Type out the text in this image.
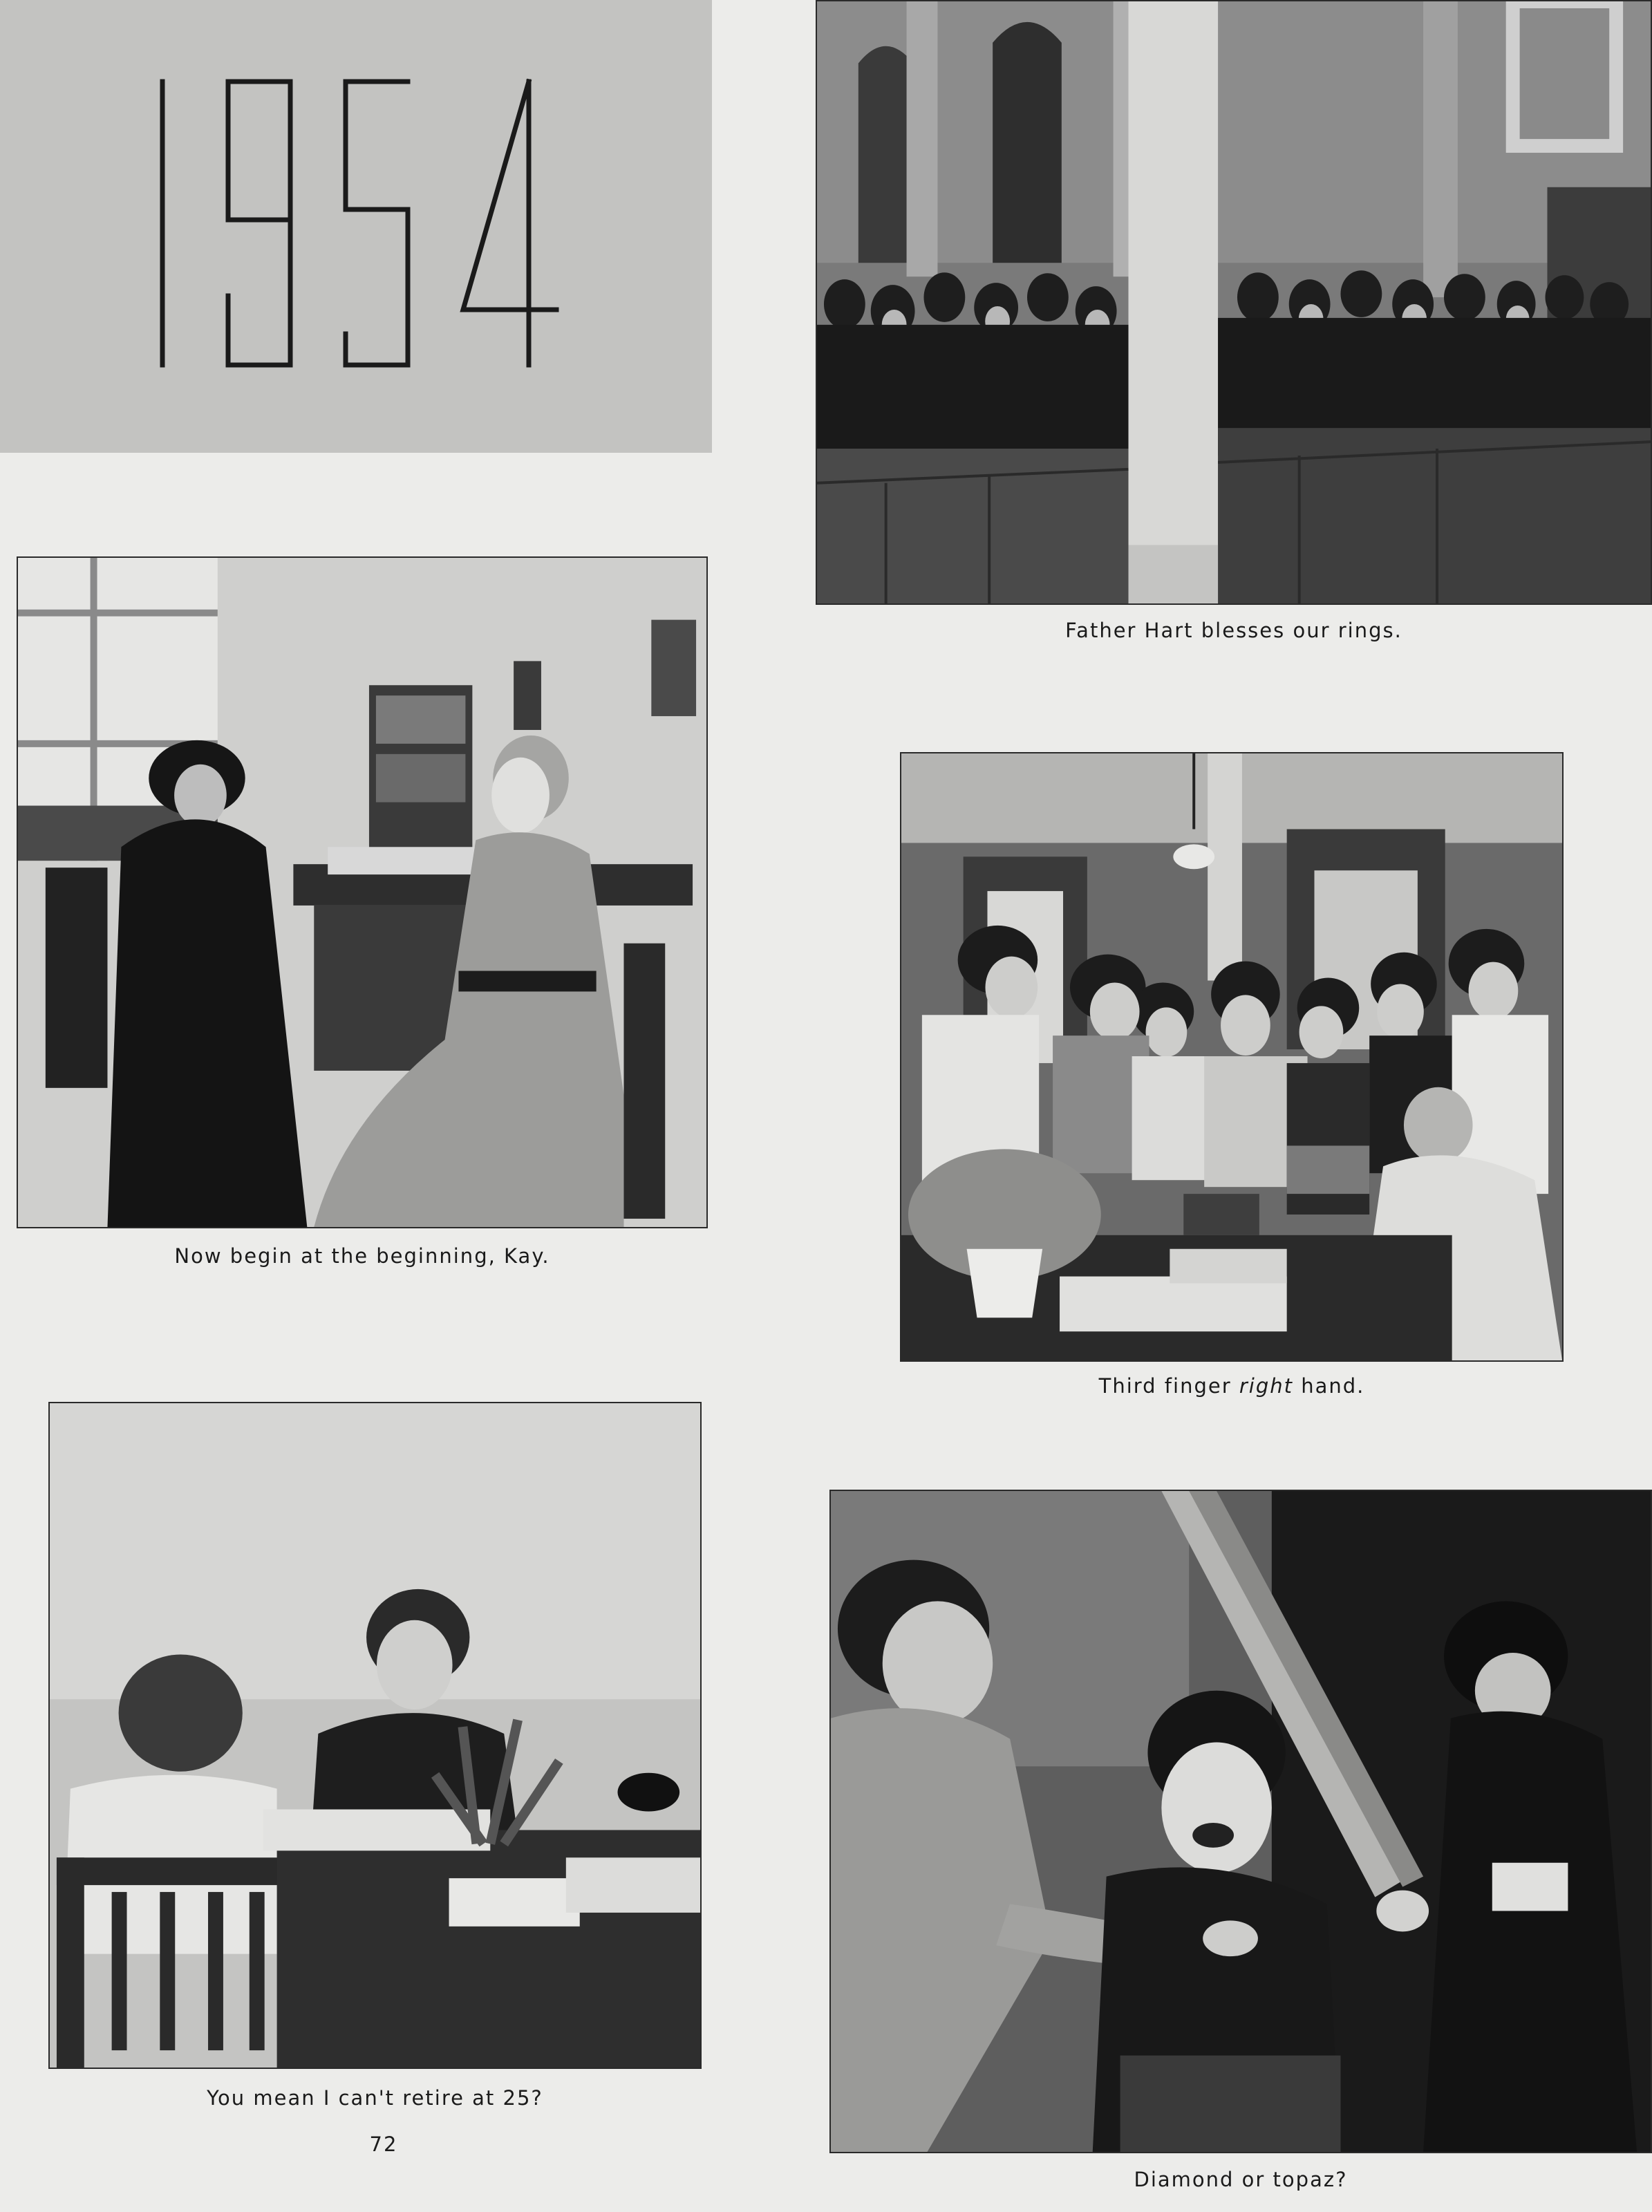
Father Hart blesses our rings.
Now begin at the beginning, Kay.
Third finger right hand.
You mean I can't retire at 25?
72
Diamond or topaz?
